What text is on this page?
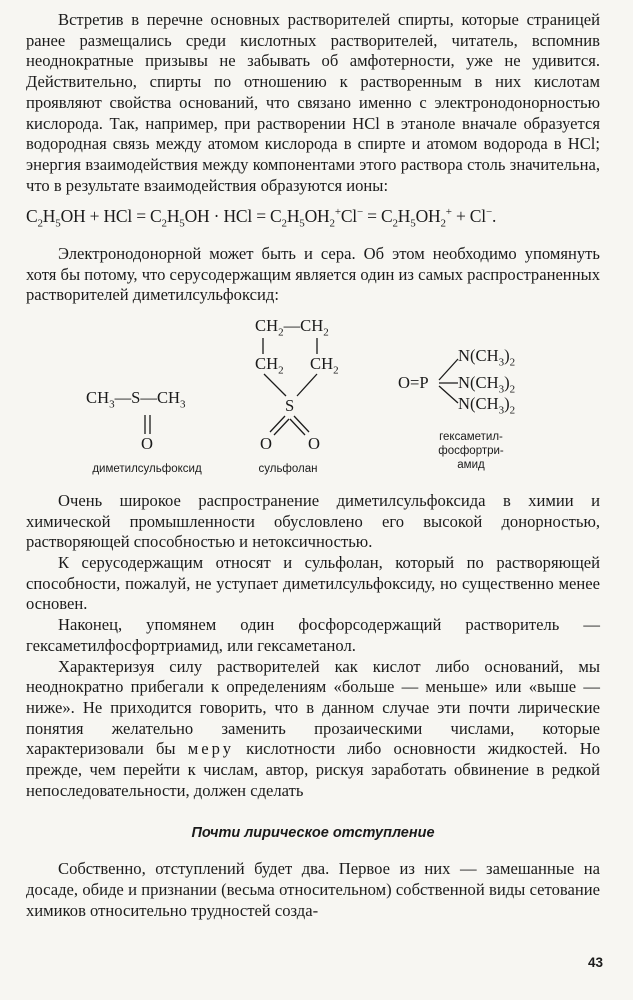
Встретив в перечне основных растворителей спирты, которые страницей ранее размещались среди кислотных растворителей, читатель, вспомнив неоднократные призывы не забывать об амфотерности, уже не удивится. Действительно, спирты по отношению к растворенным в них кислотам проявляют свойства оснований, что связано именно с электронодонорностью кислорода. Так, например, при растворении HCl в этаноле вначале образуется водородная связь между атомом кислорода в спирте и атомом водорода в HCl; энергия взаимодействия между компонентами этого раствора столь значительна, что в результате взаимодействия образуются ионы:

$C_2H_5OH$ + HCl = $C_2H_5OH$ · HCl = $C_2H_5OH_2^+Cl^- = C_2H_5OH_2^+ + Cl^-$.

Электронодонорной может быть и сера. Об этом необходимо упомянуть хотя бы потому, что серусодержащим является один из самых распространенных растворителей диметилсульфоксид:

$CH_3—S—CH_3$
O
диметилсульфоксид
$CH_2—CH_2$
$CH_2$ $CH_2$
S
O O
сульфолан
O=P
$N(CH_3)_2$
$N(CH_3)_2$
$N(CH_3)_2$
гексаметил-
фосфортри-
амид

Очень широкое распространение диметилсульфоксида в химии и химической промышленности обусловлено его высокой донорностью, растворяющей способностью и нетоксичностью.

К серусодержащим относят и сульфолан, который по растворяющей способности, пожалуй, не уступает диметилсульфоксиду, но существенно менее основен.

Наконец, упомянем один фосфорсодержащий растворитель — гексаметилфосфортриамид, или гексаметанол.

Характеризуя силу растворителей как кислот либо оснований, мы неоднократно прибегали к определениям «больше — меньше» или «выше — ниже». Не приходится говорить, что в данном случае эти почти лирические понятия желательно заменить прозаическими числами, которые характеризовали бы меру кислотности либо основности жидкостей. Но прежде, чем перейти к числам, автор, рискуя заработать обвинение в редкой непоследовательности, должен сделать

Почти лирическое отступление

Собственно, отступлений будет два. Первое из них — замешанные на досаде, обиде и признании (весьма относительном) собственной виды сетование химиков относительно трудностей созда-

43
